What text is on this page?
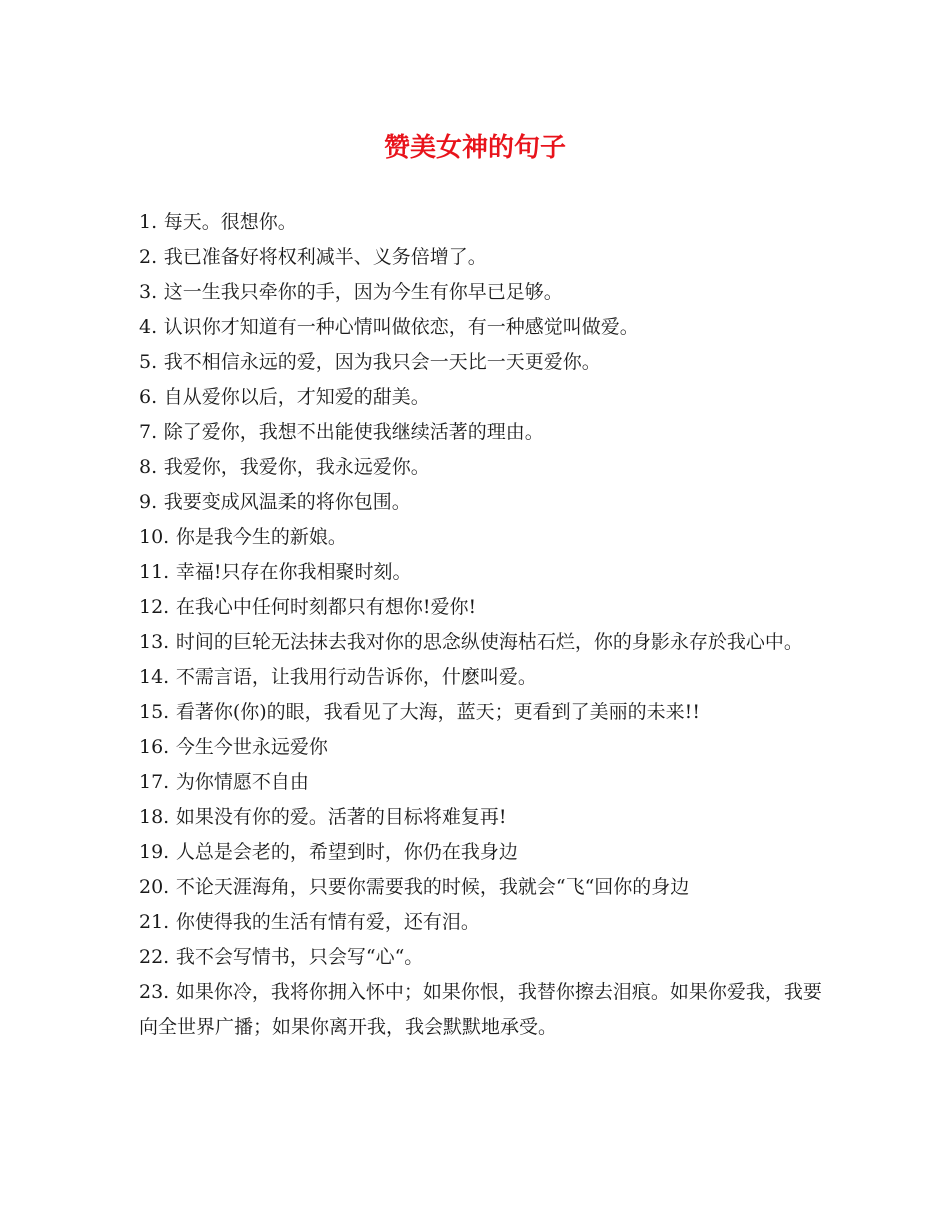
赞美女神的句子
1. 每天。很想你。
2. 我已准备好将权利减半、义务倍增了。
3. 这一生我只牵你的手，因为今生有你早已足够。
4. 认识你才知道有一种心情叫做依恋，有一种感觉叫做爱。
5. 我不相信永远的爱，因为我只会一天比一天更爱你。
6. 自从爱你以后，才知爱的甜美。
7. 除了爱你，我想不出能使我继续活著的理由。
8. 我爱你，我爱你，我永远爱你。
9. 我要变成风温柔的将你包围。
10. 你是我今生的新娘。
11. 幸福!只存在你我相聚时刻。
12. 在我心中任何时刻都只有想你!爱你!
13. 时间的巨轮无法抹去我对你的思念纵使海枯石烂，你的身影永存於我心中。
14. 不需言语，让我用行动告诉你，什麽叫爱。
15. 看著你(你)的眼，我看见了大海，蓝天；更看到了美丽的未来!!
16. 今生今世永远爱你
17. 为你情愿不自由
18. 如果没有你的爱。活著的目标将难复再!
19. 人总是会老的，希望到时，你仍在我身边
20. 不论天涯海角，只要你需要我的时候，我就会“飞“回你的身边
21. 你使得我的生活有情有爱，还有泪。
22. 我不会写情书，只会写“心“。
23. 如果你冷，我将你拥入怀中；如果你恨，我替你擦去泪痕。如果你爱我，我要向全世界广播；如果你离开我，我会默默地承受。
